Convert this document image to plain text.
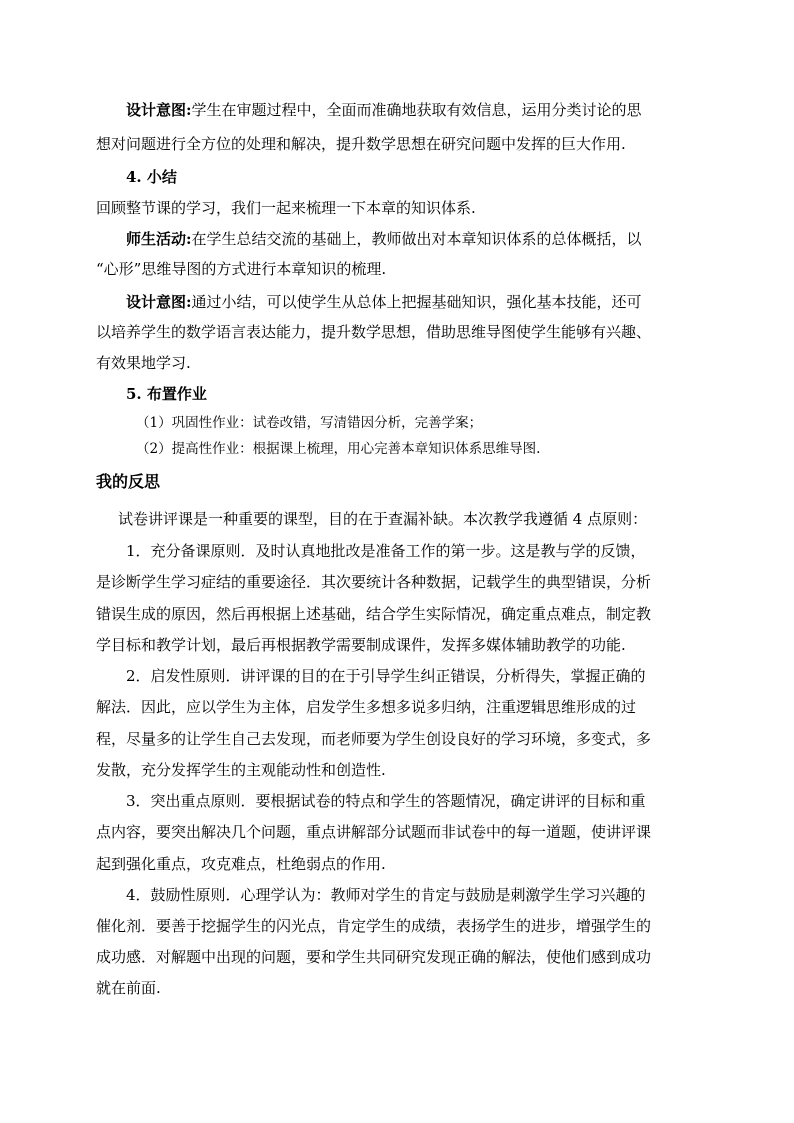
设计意图:学生在审题过程中，全面而准确地获取有效信息，运用分类讨论的思
想对问题进行全方位的处理和解决，提升数学思想在研究问题中发挥的巨大作用.
4. 小结
回顾整节课的学习，我们一起来梳理一下本章的知识体系.
师生活动:在学生总结交流的基础上，教师做出对本章知识体系的总体概括，以
“心形”思维导图的方式进行本章知识的梳理.
设计意图:通过小结，可以使学生从总体上把握基础知识，强化基本技能，还可
以培养学生的数学语言表达能力，提升数学思想，借助思维导图使学生能够有兴趣、
有效果地学习.
5. 布置作业
（1）巩固性作业：试卷改错，写清错因分析，完善学案；
（2）提高性作业：根据课上梳理，用心完善本章知识体系思维导图.
我的反思
试卷讲评课是一种重要的课型，目的在于查漏补缺。本次教学我遵循 4 点原则：
1．充分备课原则．及时认真地批改是准备工作的第一步。这是教与学的反馈，
是诊断学生学习症结的重要途径．其次要统计各种数据，记载学生的典型错误，分析
错误生成的原因，然后再根据上述基础，结合学生实际情况，确定重点难点，制定教
学目标和教学计划，最后再根据教学需要制成课件，发挥多媒体辅助教学的功能.
2．启发性原则．讲评课的目的在于引导学生纠正错误，分析得失，掌握正确的
解法．因此，应以学生为主体，启发学生多想多说多归纳，注重逻辑思维形成的过
程，尽量多的让学生自己去发现，而老师要为学生创设良好的学习环境，多变式，多
发散，充分发挥学生的主观能动性和创造性.
3．突出重点原则．要根据试卷的特点和学生的答题情况，确定讲评的目标和重
点内容，要突出解决几个问题，重点讲解部分试题而非试卷中的每一道题，使讲评课
起到强化重点，攻克难点，杜绝弱点的作用.
4．鼓励性原则．心理学认为：教师对学生的肯定与鼓励是刺激学生学习兴趣的
催化剂．要善于挖掘学生的闪光点，肯定学生的成绩，表扬学生的进步，增强学生的
成功感．对解题中出现的问题，要和学生共同研究发现正确的解法，使他们感到成功
就在前面.
